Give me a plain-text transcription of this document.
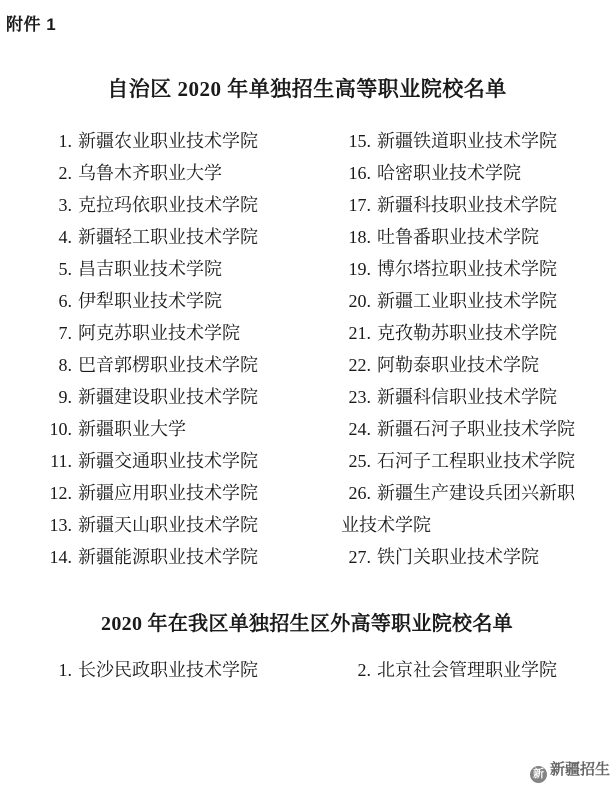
附件 1
自治区 2020 年单独招生高等职业院校名单
1. 新疆农业职业技术学院
2. 乌鲁木齐职业大学
3. 克拉玛依职业技术学院
4. 新疆轻工职业技术学院
5. 昌吉职业技术学院
6. 伊犁职业技术学院
7. 阿克苏职业技术学院
8. 巴音郭楞职业技术学院
9. 新疆建设职业技术学院
10. 新疆职业大学
11. 新疆交通职业技术学院
12. 新疆应用职业技术学院
13. 新疆天山职业技术学院
14. 新疆能源职业技术学院
15. 新疆铁道职业技术学院
16. 哈密职业技术学院
17. 新疆科技职业技术学院
18. 吐鲁番职业技术学院
19. 博尔塔拉职业技术学院
20. 新疆工业职业技术学院
21. 克孜勒苏职业技术学院
22. 阿勒泰职业技术学院
23. 新疆科信职业技术学院
24. 新疆石河子职业技术学院
25. 石河子工程职业技术学院
26. 新疆生产建设兵团兴新职
业技术学院
27. 铁门关职业技术学院
2020 年在我区单独招生区外高等职业院校名单
1. 长沙民政职业技术学院	2. 北京社会管理职业学院
新 新疆招生
